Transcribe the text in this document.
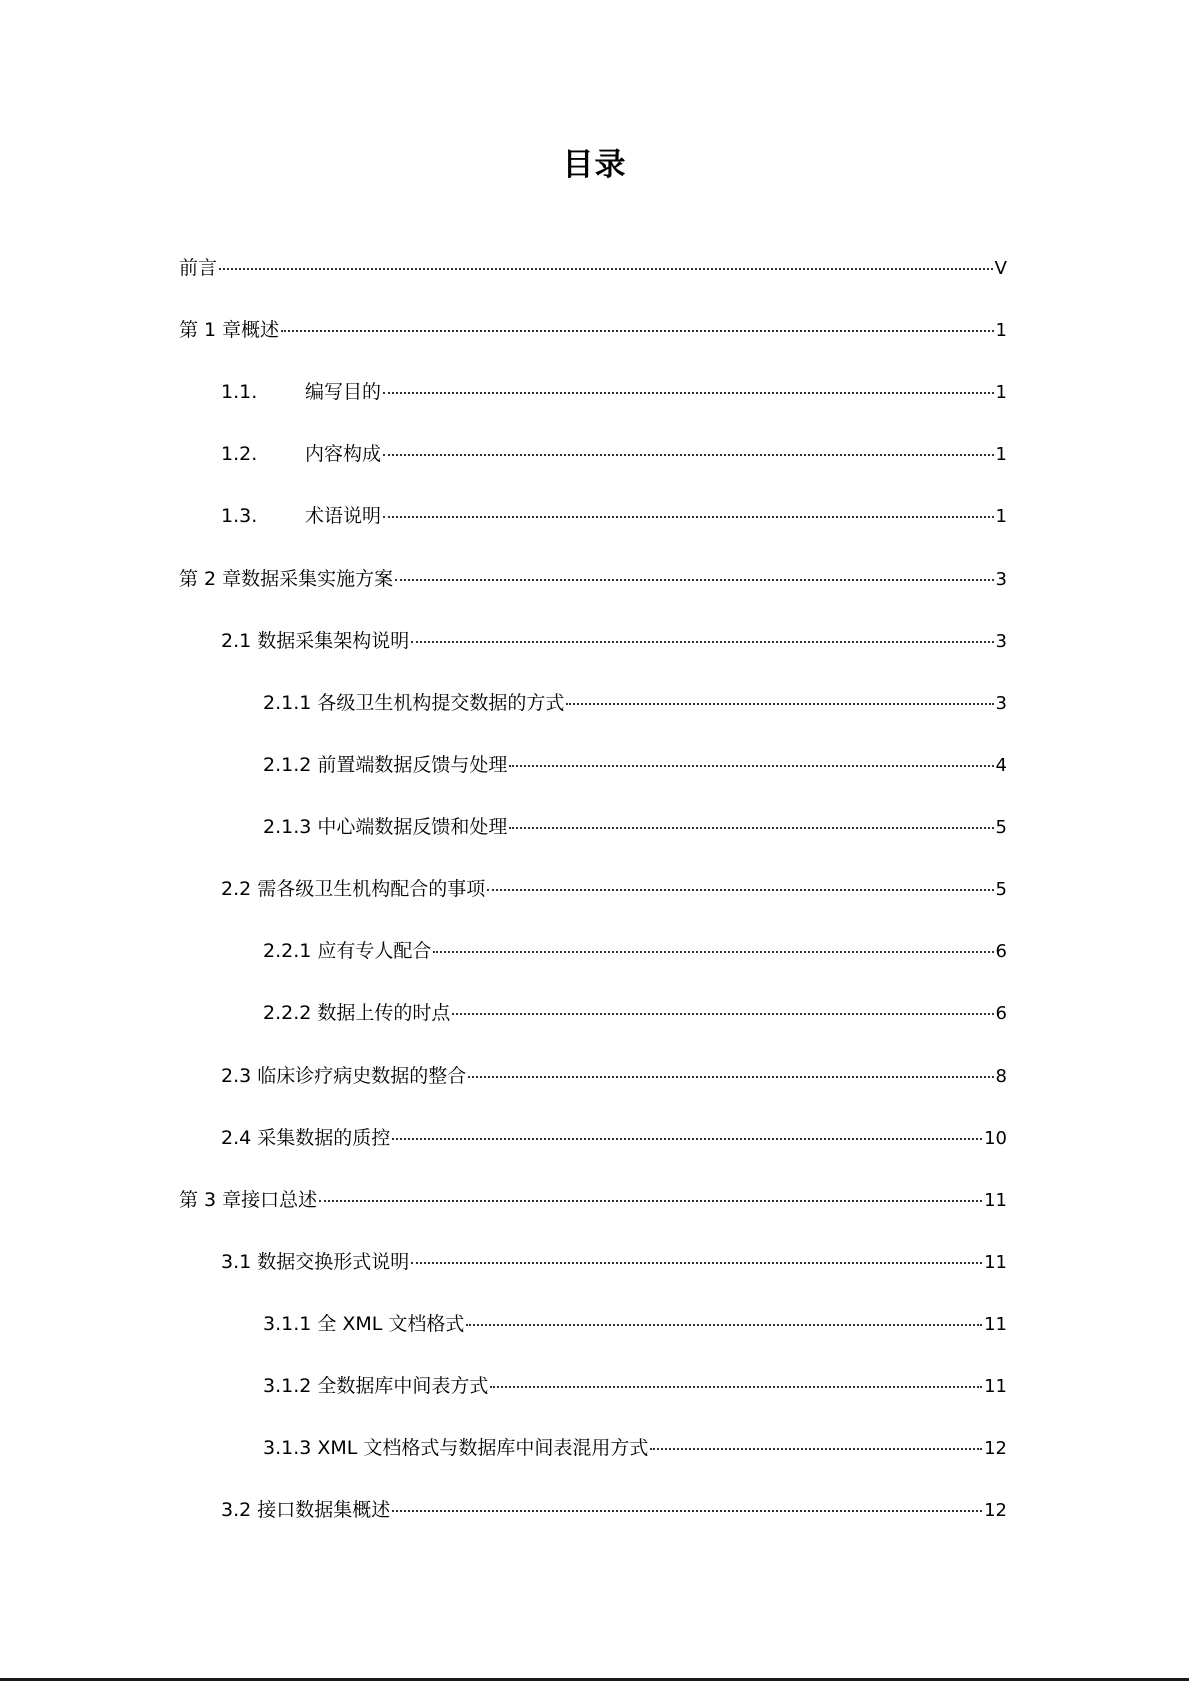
目录
前言	V
第 1 章 概述	1
1.1.	编写目的	1
1.2.	内容构成	1
1.3.	术语说明	1
第 2 章 数据采集实施方案	3
2.1 数据采集架构说明	3
2.1.1 各级卫生机构提交数据的方式	3
2.1.2 前置端数据反馈与处理	4
2.1.3 中心端数据反馈和处理	5
2.2 需各级卫生机构配合的事项	5
2.2.1 应有专人配合	6
2.2.2 数据上传的时点	6
2.3 临床诊疗病史数据的整合	8
2.4 采集数据的质控	10
第 3 章 接口总述	11
3.1 数据交换形式说明	11
3.1.1 全 XML 文档格式	11
3.1.2 全数据库中间表方式	11
3.1.3 XML 文档格式与数据库中间表混用方式	12
3.2 接口数据集概述	12
